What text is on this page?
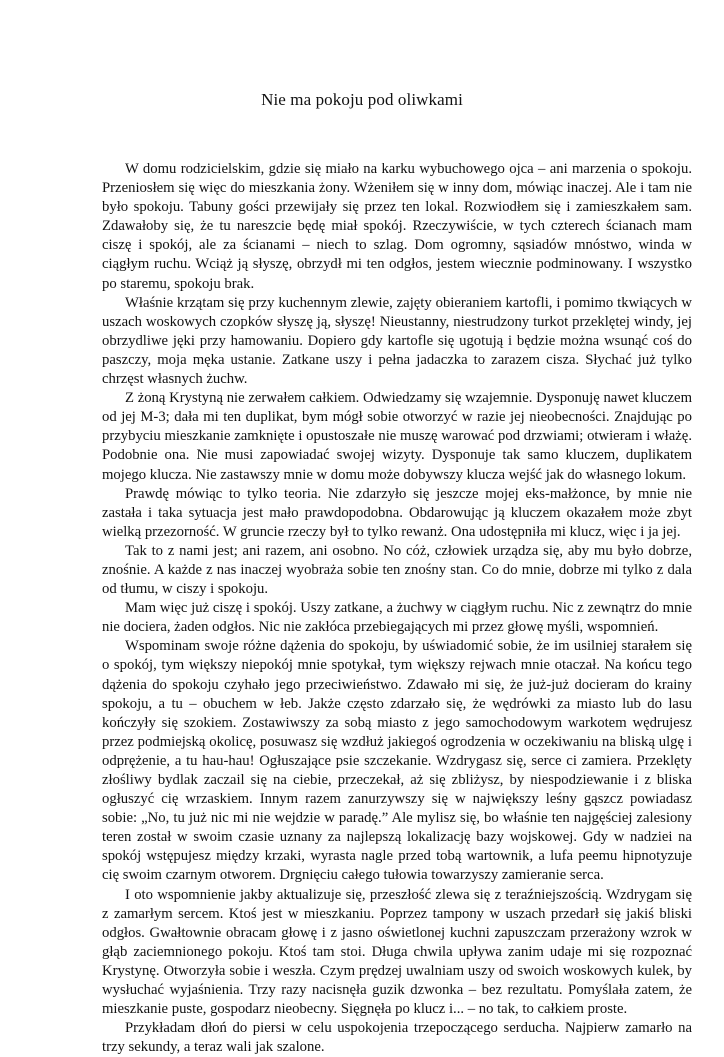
Nie ma pokoju pod oliwkami

W domu rodzicielskim, gdzie się miało na karku wybuchowego ojca – ani marzenia o spokoju. Przeniosłem się więc do mieszkania żony. Wżeniłem się w inny dom, mówiąc inaczej. Ale i tam nie było spokoju. Tabuny gości przewijały się przez ten lokal. Rozwiodłem się i zamieszkałem sam. Zdawałoby się, że tu nareszcie będę miał spokój. Rzeczywiście, w tych czterech ścianach mam ciszę i spokój, ale za ścianami – niech to szlag. Dom ogromny, sąsiadów mnóstwo, winda w ciągłym ruchu. Wciąż ją słyszę, obrzydł mi ten odgłos, jestem wiecznie podminowany. I wszystko po staremu, spokoju brak.

Właśnie krzątam się przy kuchennym zlewie, zajęty obieraniem kartofli, i pomimo tkwiących w uszach woskowych czopków słyszę ją, słyszę! Nieustanny, niestrudzony turkot przeklętej windy, jej obrzydliwe jęki przy hamowaniu. Dopiero gdy kartofle się ugotują i będzie można wsunąć coś do paszczy, moja męka ustanie. Zatkane uszy i pełna jadaczka to zarazem cisza. Słychać już tylko chrzęst własnych żuchw.

Z żoną Krystyną nie zerwałem całkiem. Odwiedzamy się wzajemnie. Dysponuję nawet kluczem od jej M-3; dała mi ten duplikat, bym mógł sobie otworzyć w razie jej nieobecności. Znajdując po przybyciu mieszkanie zamknięte i opustoszałe nie muszę warować pod drzwiami; otwieram i włażę. Podobnie ona. Nie musi zapowiadać swojej wizyty. Dysponuje tak samo kluczem, duplikatem mojego klucza. Nie zastawszy mnie w domu może dobywszy klucza wejść jak do własnego lokum.

Prawdę mówiąc to tylko teoria. Nie zdarzyło się jeszcze mojej eks-małżonce, by mnie nie zastała i taka sytuacja jest mało prawdopodobna. Obdarowując ją kluczem okazałem może zbyt wielką przezorność. W gruncie rzeczy był to tylko rewanż. Ona udostępniła mi klucz, więc i ja jej.

Tak to z nami jest; ani razem, ani osobno. No cóż, człowiek urządza się, aby mu było dobrze, znośnie. A każde z nas inaczej wyobraża sobie ten znośny stan. Co do mnie, dobrze mi tylko z dala od tłumu, w ciszy i spokoju.

Mam więc już ciszę i spokój. Uszy zatkane, a żuchwy w ciągłym ruchu. Nic z zewnątrz do mnie nie dociera, żaden odgłos. Nic nie zakłóca przebiegających mi przez głowę myśli, wspomnień.

Wspominam swoje różne dążenia do spokoju, by uświadomić sobie, że im usilniej starałem się o spokój, tym większy niepokój mnie spotykał, tym większy rejwach mnie otaczał. Na końcu tego dążenia do spokoju czyhało jego przeciwieństwo. Zdawało mi się, że już-już docieram do krainy spokoju, a tu – obuchem w łeb. Jakże często zdarzało się, że wędrówki za miasto lub do lasu kończyły się szokiem. Zostawiwszy za sobą miasto z jego samochodowym warkotem wędrujesz przez podmiejską okolicę, posuwasz się wzdłuż jakiegoś ogrodzenia w oczekiwaniu na bliską ulgę i odprężenie, a tu hau-hau! Ogłuszające psie szczekanie. Wzdrygasz się, serce ci zamiera. Przeklęty złośliwy bydlak zaczail się na ciebie, przeczekał, aż się zbliżysz, by niespodziewanie i z bliska ogłuszyć cię wrzaskiem. Innym razem zanurzywszy się w największy leśny gąszcz powiadasz sobie: „No, tu już nic mi nie wejdzie w paradę.” Ale mylisz się, bo właśnie ten najgęściej zalesiony teren został w swoim czasie uznany za najlepszą lokalizację bazy wojskowej. Gdy w nadziei na spokój wstępujesz między krzaki, wyrasta nagle przed tobą wartownik, a lufa peemu hipnotyzuje cię swoim czarnym otworem. Drgnięciu całego tułowia towarzyszy zamieranie serca.

I oto wspomnienie jakby aktualizuje się, przeszłość zlewa się z teraźniejszością. Wzdrygam się z zamarłym sercem. Ktoś jest w mieszkaniu. Poprzez tampony w uszach przedarł się jakiś bliski odgłos. Gwałtownie obracam głowę i z jasno oświetlonej kuchni zapuszczam przerażony wzrok w głąb zaciemnionego pokoju. Ktoś tam stoi. Długa chwila upływa zanim udaje mi się rozpoznać Krystynę. Otworzyła sobie i weszła. Czym prędzej uwalniam uszy od swoich woskowych kulek, by wysłuchać wyjaśnienia. Trzy razy nacisnęła guzik dzwonka – bez rezultatu. Pomyślała zatem, że mieszkanie puste, gospodarz nieobecny. Sięgnęła po klucz i... – no tak, to całkiem proste.

Przykładam dłoń do piersi w celu uspokojenia trzepoczącego serducha. Najpierw zamarło na trzy sekundy, a teraz wali jak szalone.
